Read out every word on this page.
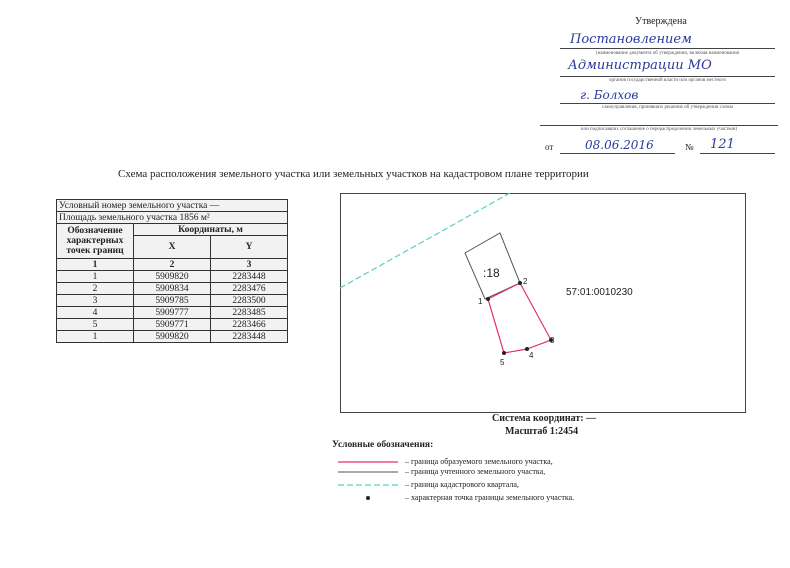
Утверждена
Постановлением
(наименование документа об утверждении, включая наименования
Администрации МО
органов государственной власти или органов местного
г. Болхов
самоуправления, принявших решение об утверждении схемы
или подписавших соглашение о перераспределении земельных участков)
от	08.06.2016	№ 121
Схема расположения земельного участка или земельных участков на кадастровом плане территории
Условный номер земельного участка —		
Площадь земельного участка 1856 м²		
Обозначение характерных точек границ	Координаты, м	
	X	Y
1	2	3
1	5909820	2283448
2	5909834	2283476
3	5909785	2283500
4	5909777	2283485
5	5909771	2283466
1	5909820	2283448
:18
1
2
3
4
5
57:01:0010230
Система координат: —
Масштаб 1:2454
Условные обозначения:
– граница образуемого земельного участка,
– граница учтенного земельного участка,
– граница кадастрового квартала,
– характерная точка границы земельного участка.
